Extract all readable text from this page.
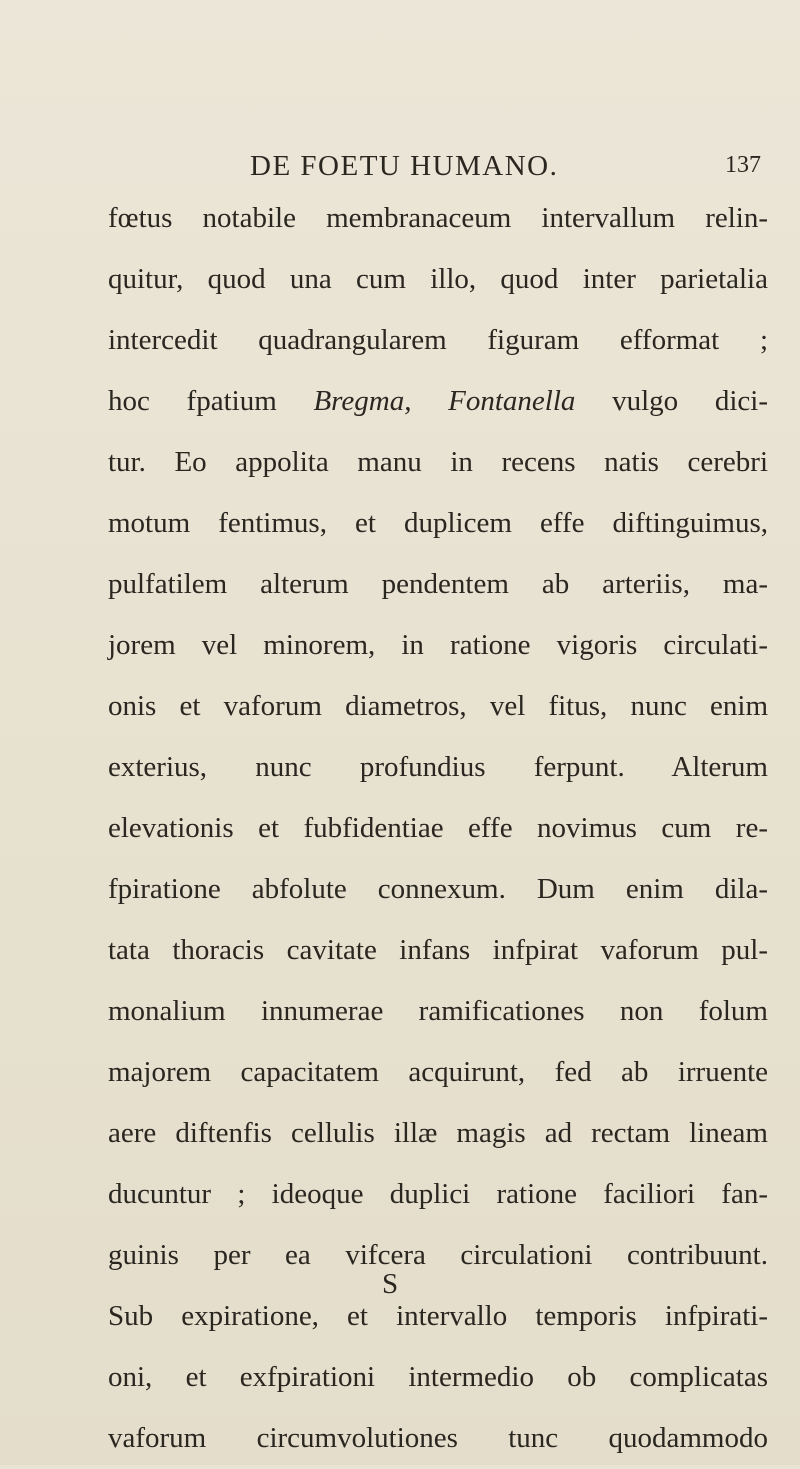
DE FOETU HUMANO.	137
fœtus notabile membranaceum intervallum relin-
quitur, quod una cum illo, quod inter parietalia
intercedit quadrangularem figuram efformat ;
hoc fpatium Bregma, Fontanella vulgo dici-
tur. Eo appolita manu in recens natis cerebri
motum fentimus, et duplicem effe diftinguimus,
pulfatilem alterum pendentem ab arteriis, ma-
jorem vel minorem, in ratione vigoris circulati-
onis et vaforum diametros, vel fitus, nunc enim
exterius, nunc profundius ferpunt. Alterum
elevationis et fubfidentiae effe novimus cum re-
fpiratione abfolute connexum. Dum enim dila-
tata thoracis cavitate infans infpirat vaforum pul-
monalium innumerae ramificationes non folum
majorem capacitatem acquirunt, fed ab irruente
aere diftenfis cellulis illæ magis ad rectam lineam
ducuntur ; ideoque duplici ratione faciliori fan-
guinis per ea vifcera circulationi contribuunt.
Sub expiratione, et intervallo temporis infpirati-
oni, et exfpirationi intermedio ob complicatas
vaforum circumvolutiones tunc quodammodo
S
